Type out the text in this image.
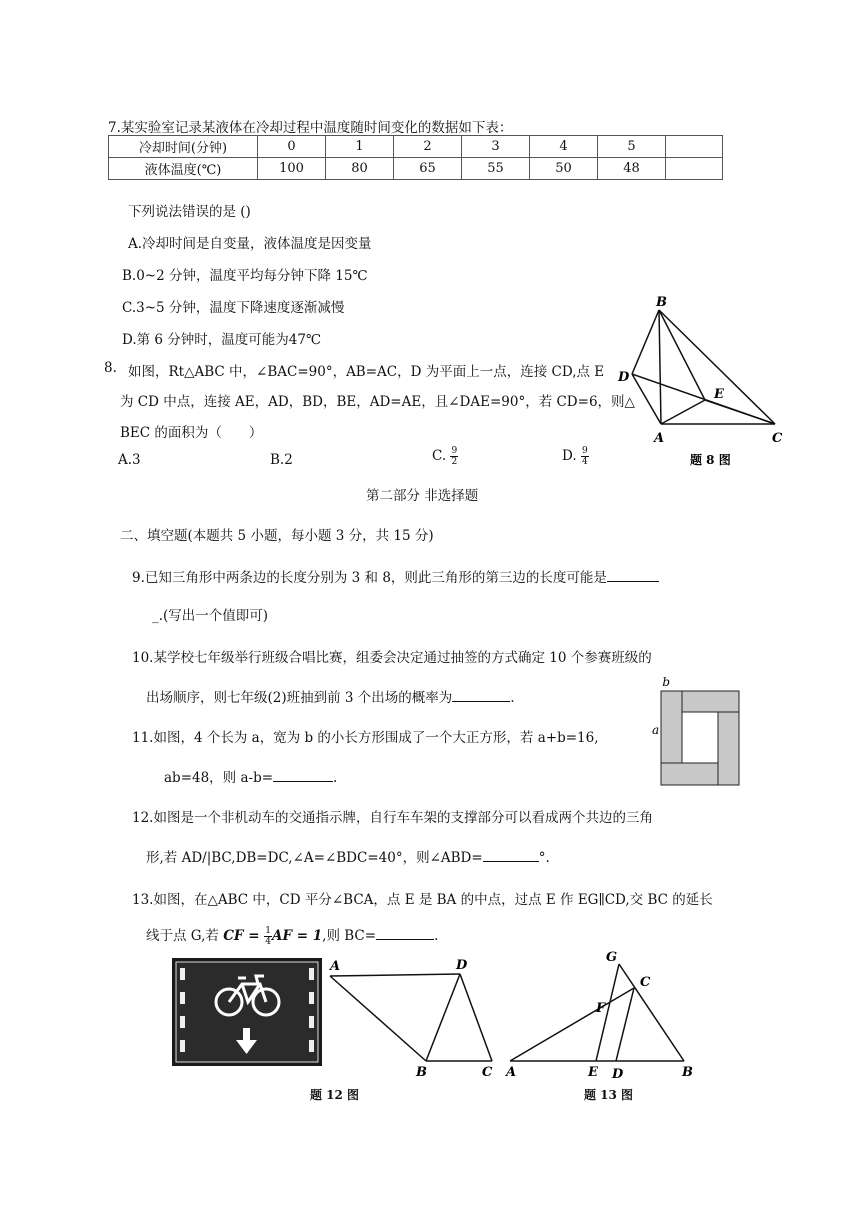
7.某实验室记录某液体在冷却过程中温度随时间变化的数据如下表：
冷却时间(分钟)	0	1	2	3	4	5	
液体温度(℃)	100	80	65	55	50	48	
下列说法错误的是 ()
A.冷却时间是自变量，液体温度是因变量
B.0~2 分钟，温度平均每分钟下降 15℃
C.3~5 分钟，温度下降速度逐渐减慢
D.第 6 分钟时，温度可能为47℃
8. 如图，Rt△ABC 中，∠BAC=90°，AB=AC，D 为平面上一点，连接 CD,点 E
为 CD 中点，连接 AE，AD，BD，BE，AD=AE，且∠DAE=90°，若 CD=6，则△
BEC 的面积为（　　）
A.3	B.2	C. $\frac{9}{2}$	D. $\frac{9}{4}$
B
D
E
A	C
题 8 图
第二部分 非选择题
二、填空题(本题共 5 小题，每小题 3 分，共 15 分)
9.已知三角形中两条边的长度分别为 3 和 8，则此三角形的第三边的长度可能是
_.(写出一个值即可)
10.某学校七年级举行班级合唱比赛，组委会决定通过抽签的方式确定 10 个参赛班级的
出场顺序，则七年级(2)班抽到前 3 个出场的概率为	.
11.如图，4 个长为 a，宽为 b 的小长方形围成了一个大正方形，若 a+b=16,
ab=48，则 a-b=	.
b
a
12.如图是一个非机动车的交通指示牌，自行车车架的支撑部分可以看成两个共边的三角
形,若 AD/|BC,DB=DC,∠A=∠BDC=40°，则∠ABD=	°.
13.如图，在△ABC 中，CD 平分∠BCA，点 E 是 BA 的中点，过点 E 作 EG∥CD,交 BC 的延长
线于点 G,若 CF = $\frac{1}{4}$ AF = 1,则 BC=	.
A	D
B	C
题 12 图
G
C
F
A	E D	B
题 13 图
